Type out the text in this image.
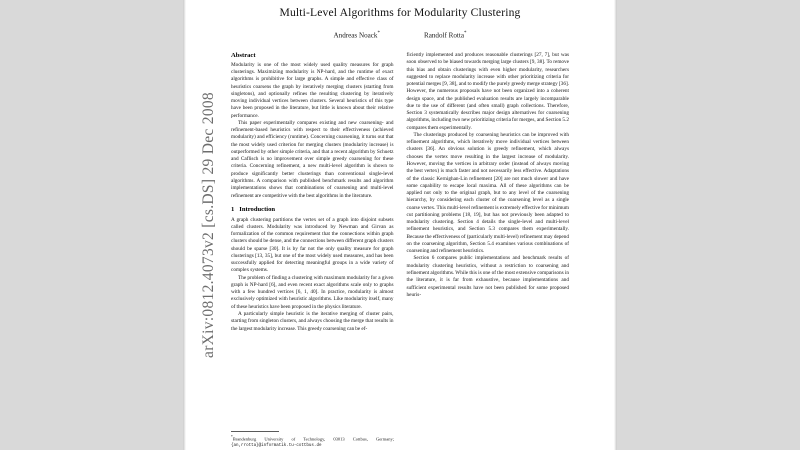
Multi-Level Algorithms for Modularity Clustering
Andreas Noack*	Randolf Rotta*
Abstract

Modularity is one of the most widely used quality measures for graph clusterings. Maximizing modularity is NP-hard, and the runtime of exact algorithms is prohibitive for large graphs. A simple and effective class of heuristics coarsens the graph by iteratively merging clusters (starting from singletons), and optionally refines the resulting clustering by iteratively moving individual vertices between clusters. Several heuristics of this type have been proposed in the literature, but little is known about their relative performance.

This paper experimentally compares existing and new coarsening- and refinement-based heuristics with respect to their effectiveness (achieved modularity) and efficiency (runtime). Concerning coarsening, it turns out that the most widely used criterion for merging clusters (modularity increase) is outperformed by other simple criteria, and that a recent algorithm by Schuetz and Caflisch is no improvement over simple greedy coarsening for these criteria. Concerning refinement, a new multi-level algorithm is shown to produce significantly better clusterings than conventional single-level algorithms. A comparison with published benchmark results and algorithm implementations shows that combinations of coarsening and multi-level refinement are competitive with the best algorithms in the literature.

1 Introduction

A graph clustering partitions the vertex set of a graph into disjoint subsets called clusters. Modularity was introduced by Newman and Girvan as formalization of the common requirement that the connections within graph clusters should be dense, and the connections between different graph clusters should be sparse [30]. It is by far not the only quality measure for graph clusterings [13, 35], but one of the most widely used measures, and has been successfully applied for detecting meaningful groups in a wide variety of complex systems.

The problem of finding a clustering with maximum modularity for a given graph is NP-hard [6], and even recent exact algorithms scale only to graphs with a few hundred vertices [6, 1, 40]. In practice, modularity is almost exclusively optimized with heuristic algorithms. Like modularity itself, many of these heuristics have been proposed in the physics literature.

A particularly simple heuristic is the iterative merging of cluster pairs, starting from singleton clusters, and always choosing the merge that results in the largest modularity increase. This greedy coarsening can be ef-

*Brandenburg University of Technology, 03013 Cottbus, Germany; {an,rrotta}@informatik.tu-cottbus.de

ficiently implemented and produces reasonable clusterings [27, 7], but was soon observed to be biased towards merging large clusters [9, 38]. To remove this bias and obtain clusterings with even higher modularity, researchers suggested to replace modularity increase with other prioritizing criteria for potential merges [9, 38], and to modify the purely greedy merge strategy [36]. However, the numerous proposals have not been organized into a coherent design space, and the published evaluation results are largely incomparable due to the use of different (and often small) graph collections. Therefore, Section 3 systematically describes major design alternatives for coarsening algorithms, including two new prioritizing criteria for merges, and Section 5.2 compares them experimentally.

The clusterings produced by coarsening heuristics can be improved with refinement algorithms, which iteratively move individual vertices between clusters [36]. An obvious solution is greedy refinement, which always chooses the vertex move resulting in the largest increase of modularity. However, moving the vertices in arbitrary order (instead of always moving the best vertex) is much faster and not necessarily less effective. Adaptations of the classic Kernighan-Lin refinement [20] are not much slower and have some capability to escape local maxima. All of these algorithms can be applied not only to the original graph, but to any level of the coarsening hierarchy, by considering each cluster of the coarsening level as a single coarse vertex. This multi-level refinement is extremely effective for minimum cut partitioning problems [18, 19], but has not previously been adapted to modularity clustering. Section 4 details the single-level and multi-level refinement heuristics, and Section 5.3 compares them experimentally. Because the effectiveness of (particularly multi-level) refinement may depend on the coarsening algorithm, Section 5.4 examines various combinations of coarsening and refinement heuristics.

Section 6 compares public implementations and benchmark results of modularity clustering heuristics, without a restriction to coarsening and refinement algorithms. While this is one of the most extensive comparisons in the literature, it is far from exhaustive, because implementations and sufficient experimental results have not been published for some proposed heuris-

arXiv:0812.4073v2 [cs.DS] 29 Dec 2008
